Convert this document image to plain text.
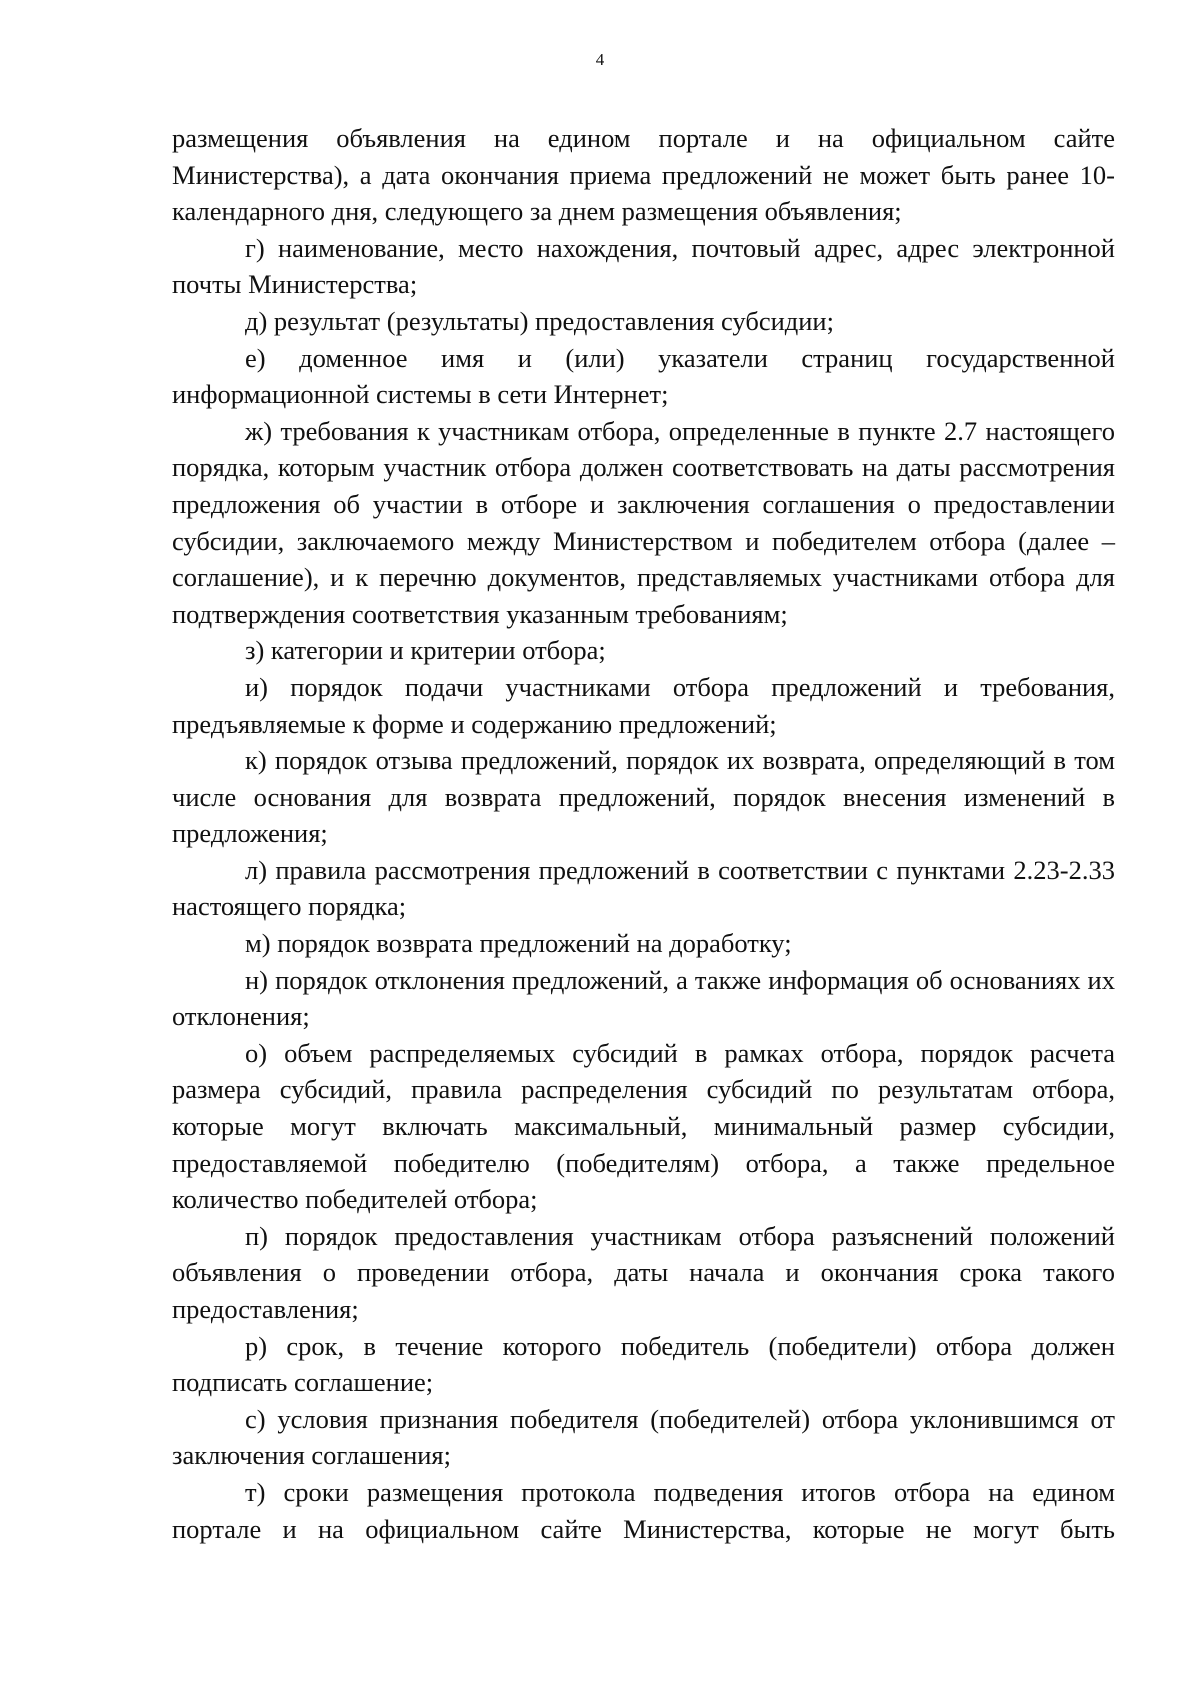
4

размещения объявления на едином портале и на официальном сайте Министерства), а дата окончания приема предложений не может быть ранее 10- календарного дня, следующего за днем размещения объявления;

г) наименование, место нахождения, почтовый адрес, адрес электронной почты Министерства;

д) результат (результаты) предоставления субсидии;

е) доменное имя и (или) указатели страниц государственной информационной системы в сети Интернет;

ж) требования к участникам отбора, определенные в пункте 2.7 настоящего порядка, которым участник отбора должен соответствовать на даты рассмотрения предложения об участии в отборе и заключения соглашения о предоставлении субсидии, заключаемого между Министерством и победителем отбора (далее – соглашение), и к перечню документов, представляемых участниками отбора для подтверждения соответствия указанным требованиям;

з) категории и критерии отбора;

и) порядок подачи участниками отбора предложений и требования, предъявляемые к форме и содержанию предложений;

к) порядок отзыва предложений, порядок их возврата, определяющий в том числе основания для возврата предложений, порядок внесения изменений в предложения;

л) правила рассмотрения предложений в соответствии с пунктами 2.23-2.33 настоящего порядка;

м) порядок возврата предложений на доработку;

н) порядок отклонения предложений, а также информация об основаниях их отклонения;

о) объем распределяемых субсидий в рамках отбора, порядок расчета размера субсидий, правила распределения субсидий по результатам отбора, которые могут включать максимальный, минимальный размер субсидии, предоставляемой победителю (победителям) отбора, а также предельное количество победителей отбора;

п) порядок предоставления участникам отбора разъяснений положений объявления о проведении отбора, даты начала и окончания срока такого предоставления;

р) срок, в течение которого победитель (победители) отбора должен подписать соглашение;

с) условия признания победителя (победителей) отбора уклонившимся от заключения соглашения;

т) сроки размещения протокола подведения итогов отбора на едином портале и на официальном сайте Министерства, которые не могут быть
